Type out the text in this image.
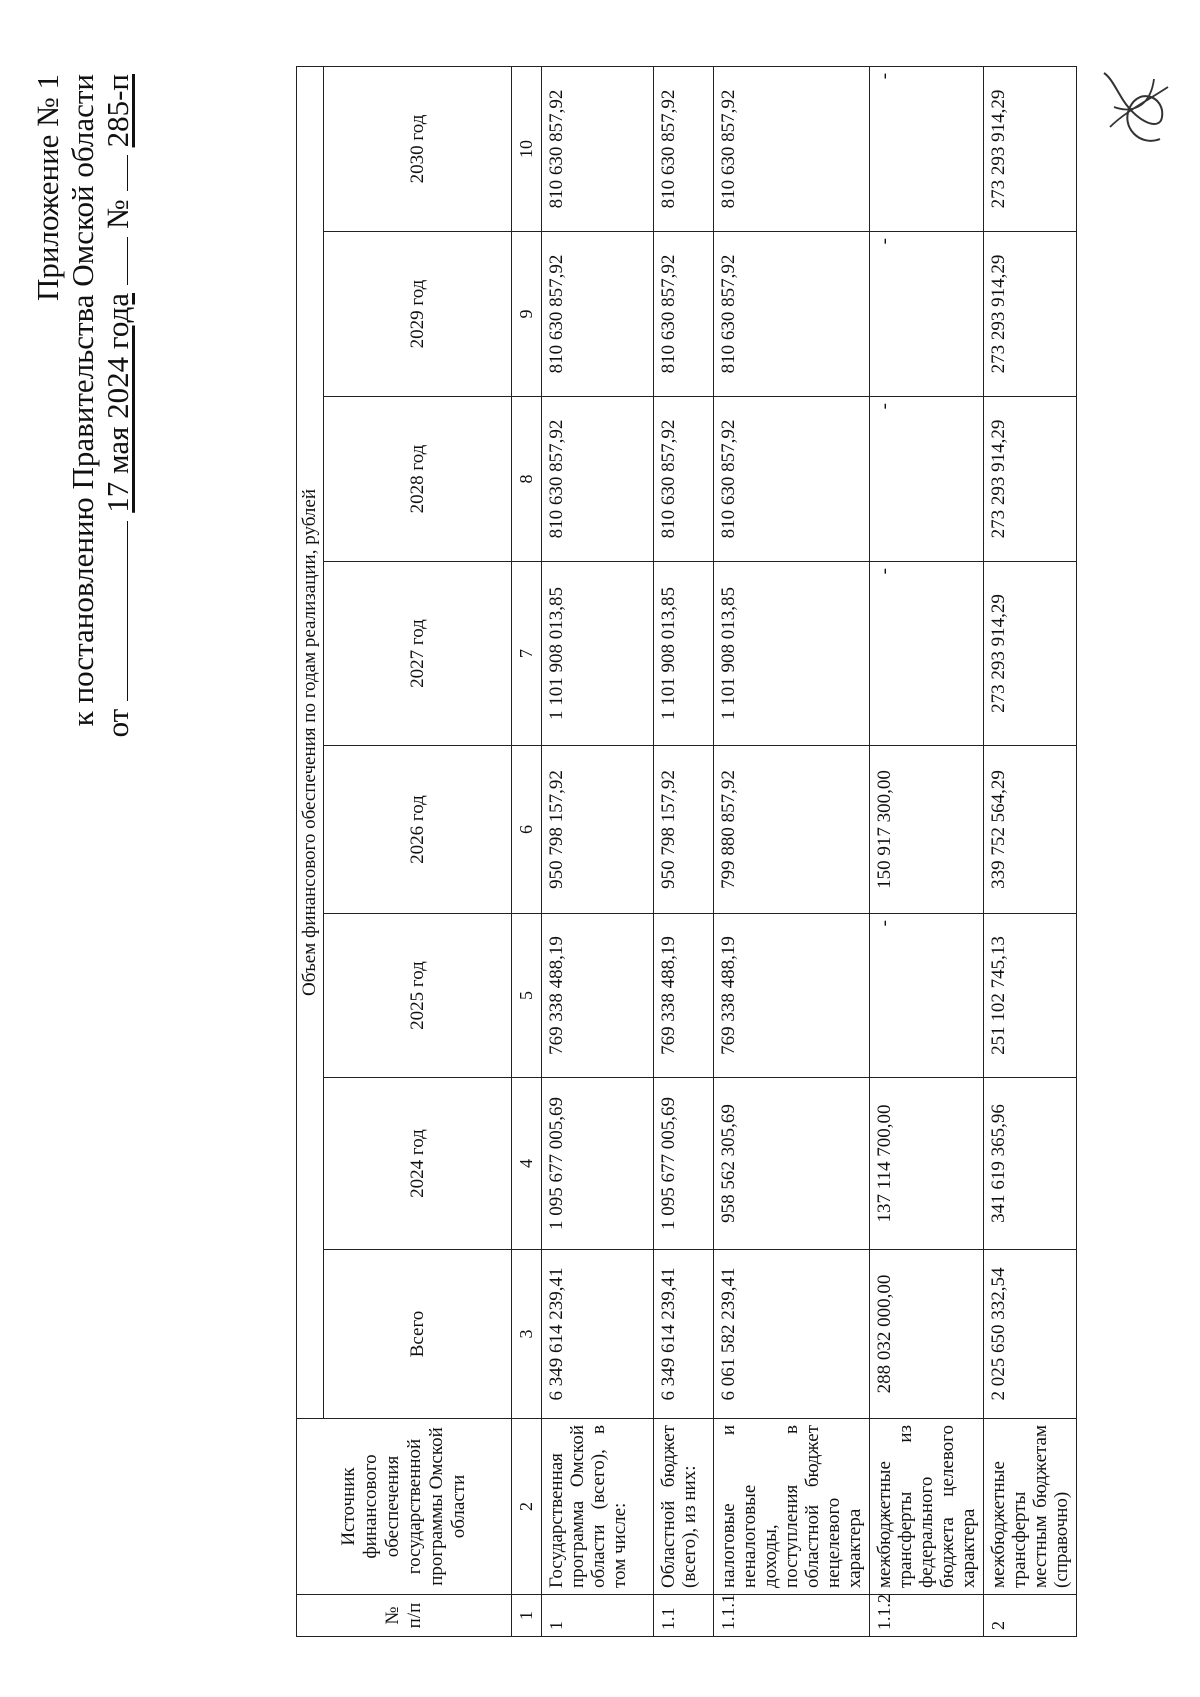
Приложение № 1 к постановлению Правительства Омской области от
17 мая 2024 года
№
285-п
№ п/п	Источник финансового обеспечения государственной программы Омской области	Объем финансового обеспечения по годам реализации, рублей							
		Всего	2024 год	2025 год	2026 год	2027 год	2028 год	2029 год	2030 год
1	2	3	4	5	6	7	8	9	10
1	Государственная программа Омской области (всего), в том числе:	6 349 614 239,41	1 095 677 005,69	769 338 488,19	950 798 157,92	1 101 908 013,85	810 630 857,92	810 630 857,92	810 630 857,92
1.1	Областной бюджет (всего), из них:	6 349 614 239,41	1 095 677 005,69	769 338 488,19	950 798 157,92	1 101 908 013,85	810 630 857,92	810 630 857,92	810 630 857,92
1.1.1	налоговые и неналоговые доходы, поступления в областной бюджет нецелевого характера	6 061 582 239,41	958 562 305,69	769 338 488,19	799 880 857,92	1 101 908 013,85	810 630 857,92	810 630 857,92	810 630 857,92
1.1.2	межбюджетные трансферты из федерального бюджета целевого характера	288 032 000,00	137 114 700,00	-	150 917 300,00	-	-	-	-
2	межбюджетные трансферты местным бюджетам (справочно)	2 025 650 332,54	341 619 365,96	251 102 745,13	339 752 564,29	273 293 914,29	273 293 914,29	273 293 914,29	273 293 914,29
